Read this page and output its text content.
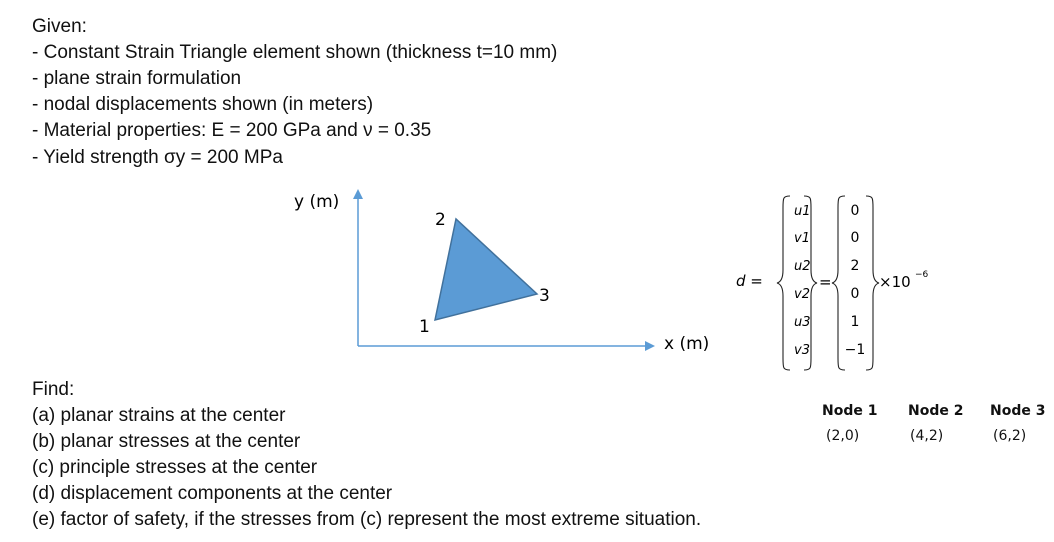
Given:
- Constant Strain Triangle element shown (thickness t=10 mm)
- plane strain formulation
- nodal displacements shown (in meters)
- Material properties: E = 200 GPa and ν = 0.35
- Yield strength σy = 200 MPa
y (m)
x (m)
1
2
3
d =
u1
v1
u2
v2
u3
v3
=
0
0
2
0
1
−1
×10 −6
Node 1 Node 2 Node 3
(2,0)	(4,2)	(6,2)
Find:
(a) planar strains at the center
(b) planar stresses at the center
(c) principle stresses at the center
(d) displacement components at the center
(e) factor of safety, if the stresses from (c) represent the most extreme situation.
